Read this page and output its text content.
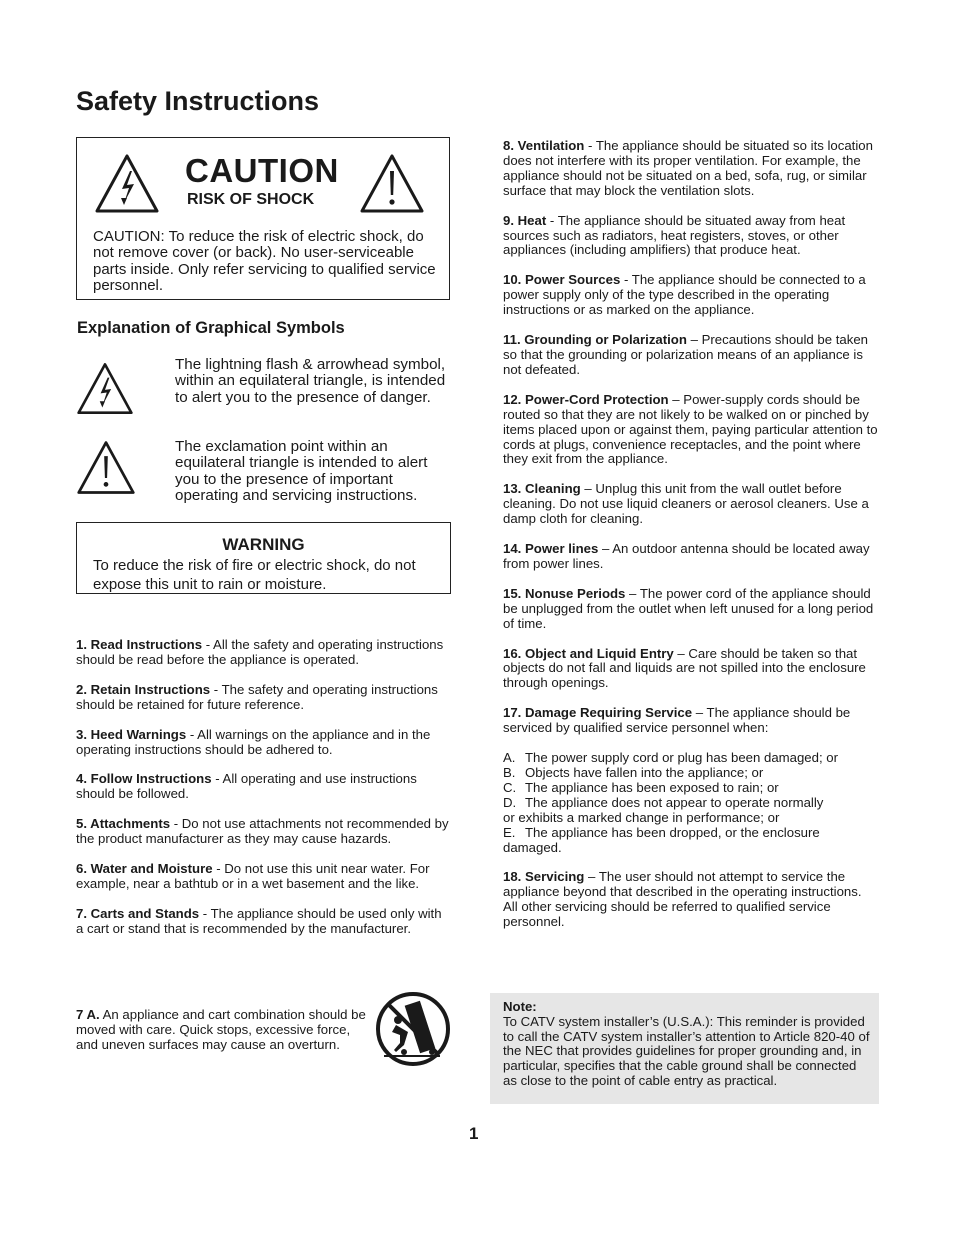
Safety Instructions
CAUTION
RISK OF SHOCK
CAUTION: To reduce the risk of electric shock, do not remove cover (or back). No user-serviceable parts inside. Only refer servicing to qualified service personnel.
Explanation of Graphical Symbols
The lightning flash & arrowhead symbol, within an equilateral triangle, is intended to alert you to the presence of danger.
The exclamation point within an equilateral triangle is intended to alert you to the presence of important operating and servicing instructions.
WARNING
To reduce the risk of fire or electric shock, do not expose this unit to rain or moisture.

1. Read Instructions - All the safety and operating instructions should be read before the appliance is operated.

2. Retain Instructions - The safety and operating instructions should be retained for future reference.

3. Heed Warnings - All warnings on the appliance and in the operating instructions should be adhered to.

4. Follow Instructions - All operating and use instructions should be followed.

5. Attachments - Do not use attachments not recommended by the product manufacturer as they may cause hazards.

6. Water and Moisture - Do not use this unit near water. For example, near a bathtub or in a wet basement and the like.

7. Carts and Stands - The appliance should be used only with a cart or stand that is recommended by the manufacturer.

7 A. An appliance and cart combination should be moved with care. Quick stops, excessive force, and uneven surfaces may cause an overturn.

8. Ventilation - The appliance should be situated so its location does not interfere with its proper ventilation. For example, the appliance should not be situated on a bed, sofa, rug, or similar surface that may block the ventilation slots.

9. Heat - The appliance should be situated away from heat sources such as radiators, heat registers, stoves, or other appliances (including amplifiers) that produce heat.

10. Power Sources - The appliance should be connected to a power supply only of the type described in the operating instructions or as marked on the appliance.

11. Grounding or Polarization – Precautions should be taken so that the grounding or polarization means of an appliance is not defeated.

12. Power-Cord Protection – Power-supply cords should be routed so that they are not likely to be walked on or pinched by items placed upon or against them, paying particular attention to cords at plugs, convenience receptacles, and the point where they exit from the appliance.

13. Cleaning – Unplug this unit from the wall outlet before cleaning. Do not use liquid cleaners or aerosol cleaners. Use a damp cloth for cleaning.

14. Power lines – An outdoor antenna should be located away from power lines.

15. Nonuse Periods – The power cord of the appliance should be unplugged from the outlet when left unused for a long period of time.

16. Object and Liquid Entry – Care should be taken so that objects do not fall and liquids are not spilled into the enclosure through openings.

17. Damage Requiring Service – The appliance should be serviced by qualified service personnel when:

A. The power supply cord or plug has been damaged; or
B. Objects have fallen into the appliance; or
C. The appliance has been exposed to rain; or
D. The appliance does not appear to operate normally
or exhibits a marked change in performance; or
E. The appliance has been dropped, or the enclosure
damaged.

18. Servicing – The user should not attempt to service the appliance beyond that described in the operating instructions. All other servicing should be referred to qualified service personnel.

Note:
To CATV system installer’s (U.S.A.): This reminder is provided to call the CATV system installer’s attention to Article 820-40 of the NEC that provides guidelines for proper grounding and, in particular, specifies that the cable ground shall be connected as close to the point of cable entry as practical.
1
